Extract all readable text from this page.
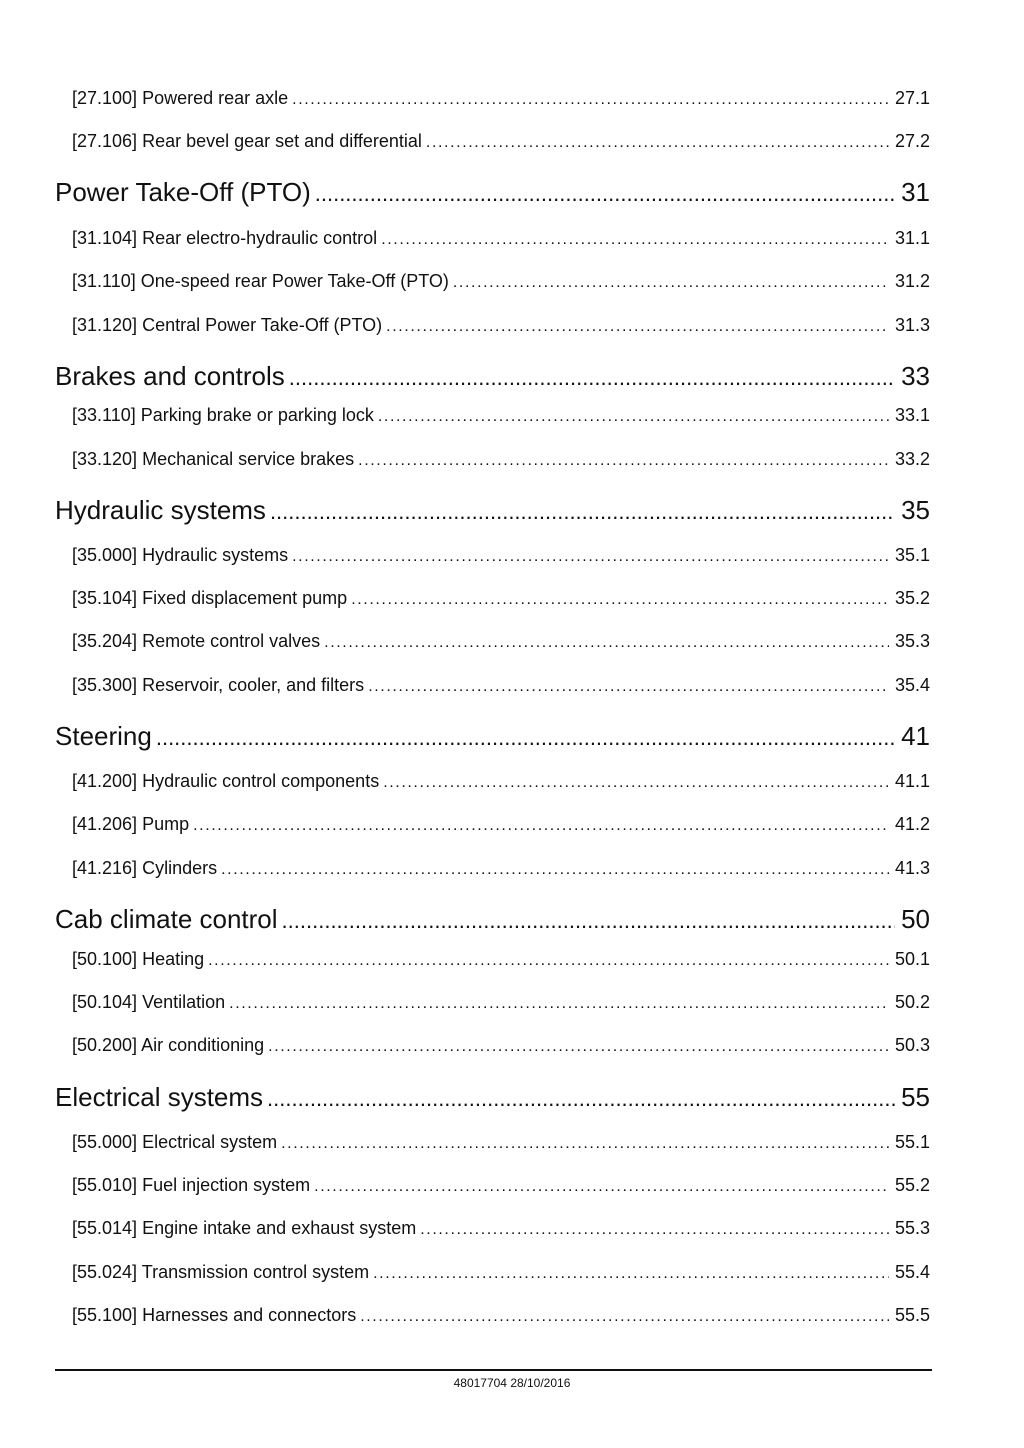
[27.100] Powered rear axle .....	27.1
[27.106] Rear bevel gear set and differential .....	27.2
Power Take-Off (PTO) .....	31
[31.104] Rear electro-hydraulic control .....	31.1
[31.110] One-speed rear Power Take-Off (PTO) .....	31.2
[31.120] Central Power Take-Off (PTO) .....	31.3
Brakes and controls .....	33
[33.110] Parking brake or parking lock .....	33.1
[33.120] Mechanical service brakes .....	33.2
Hydraulic systems .....	35
[35.000] Hydraulic systems .....	35.1
[35.104] Fixed displacement pump .....	35.2
[35.204] Remote control valves .....	35.3
[35.300] Reservoir, cooler, and filters .....	35.4
Steering .....	41
[41.200] Hydraulic control components .....	41.1
[41.206] Pump .....	41.2
[41.216] Cylinders .....	41.3
Cab climate control .....	50
[50.100] Heating .....	50.1
[50.104] Ventilation .....	50.2
[50.200] Air conditioning .....	50.3
Electrical systems .....	55
[55.000] Electrical system .....	55.1
[55.010] Fuel injection system .....	55.2
[55.014] Engine intake and exhaust system .....	55.3
[55.024] Transmission control system .....	55.4
[55.100] Harnesses and connectors .....	55.5
48017704 28/10/2016
